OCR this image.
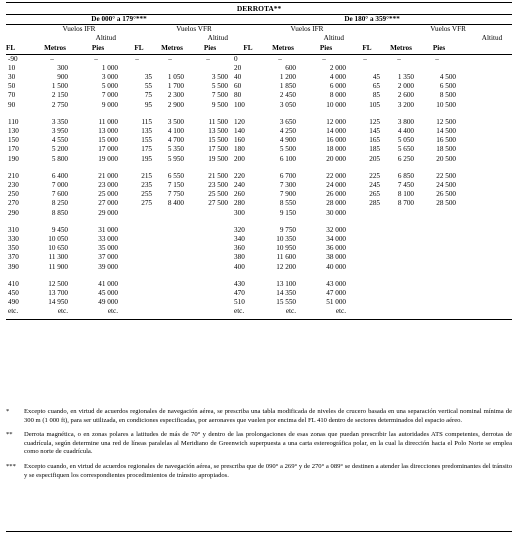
DERROTA**												
De 000° a 179°***						De 180° a 359°***						

	Vuelos IFR			Vuelos VFR			Vuelos IFR			Vuelos VFR		
	Altitud			Altitud			Altitud			Altitud		
FL	Metros	Pies	FL	Metros	Pies	FL	Metros	Pies	FL	Metros	Pies	
-90	–	–	–	–	–	0	–	–	–	–	–	
10	300	1 000				20	600	2 000				
30	900	3 000	35	1 050	3 500	40	1 200	4 000	45	1 350	4 500	
50	1 500	5 000	55	1 700	5 500	60	1 850	6 000	65	2 000	6 500	
70	2 150	7 000	75	2 300	7 500	80	2 450	8 000	85	2 600	8 500	
90	2 750	9 000	95	2 900	9 500	100	3 050	10 000	105	3 200	10 500	

110	3 350	11 000	115	3 500	11 500	120	3 650	12 000	125	3 800	12 500	
130	3 950	13 000	135	4 100	13 500	140	4 250	14 000	145	4 400	14 500	
150	4 550	15 000	155	4 700	15 500	160	4 900	16 000	165	5 050	16 500	
170	5 200	17 000	175	5 350	17 500	180	5 500	18 000	185	5 650	18 500	
190	5 800	19 000	195	5 950	19 500	200	6 100	20 000	205	6 250	20 500	

210	6 400	21 000	215	6 550	21 500	220	6 700	22 000	225	6 850	22 500	
230	7 000	23 000	235	7 150	23 500	240	7 300	24 000	245	7 450	24 500	
250	7 600	25 000	255	7 750	25 500	260	7 900	26 000	265	8 100	26 500	
270	8 250	27 000	275	8 400	27 500	280	8 550	28 000	285	8 700	28 500	
290	8 850	29 000				300	9 150	30 000				

310	9 450	31 000				320	9 750	32 000				
330	10 050	33 000				340	10 350	34 000				
350	10 650	35 000				360	10 950	36 000				
370	11 300	37 000				380	11 600	38 000				
390	11 900	39 000				400	12 200	40 000				

410	12 500	41 000				430	13 100	43 000				
450	13 700	45 000				470	14 350	47 000				
490	14 950	49 000				510	15 550	51 000				
etc.	etc.	etc.				etc.	etc.	etc.				

*	Excepto cuando, en virtud de acuerdos regionales de navegación aérea, se prescriba una tabla modificada de niveles de crucero basada en una separación vertical nominal mínima de 300 m (1 000 ft), para ser utilizada, en condiciones especificadas, por aeronaves que vuelen por encima del FL 410 dentro de sectores determinados del espacio aéreo.
**	Derrota magnética, o en zonas polares a latitudes de más de 70° y dentro de las prolongaciones de esas zonas que puedan prescribir las autoridades ATS competentes, derrotas de cuadrícula, según determine una red de líneas paralelas al Meridiano de Greenwich superpuesta a una carta estereográfica polar, en la cual la dirección hacia el Polo Norte se emplea como norte de cuadrícula.
***	Excepto cuando, en virtud de acuerdos regionales de navegación aérea, se prescriba que de 090° a 269° y de 270° a 089° se destinen a atender las direcciones predominantes del tránsito y se especifiquen los correspondientes procedimientos de tránsito apropiados.
